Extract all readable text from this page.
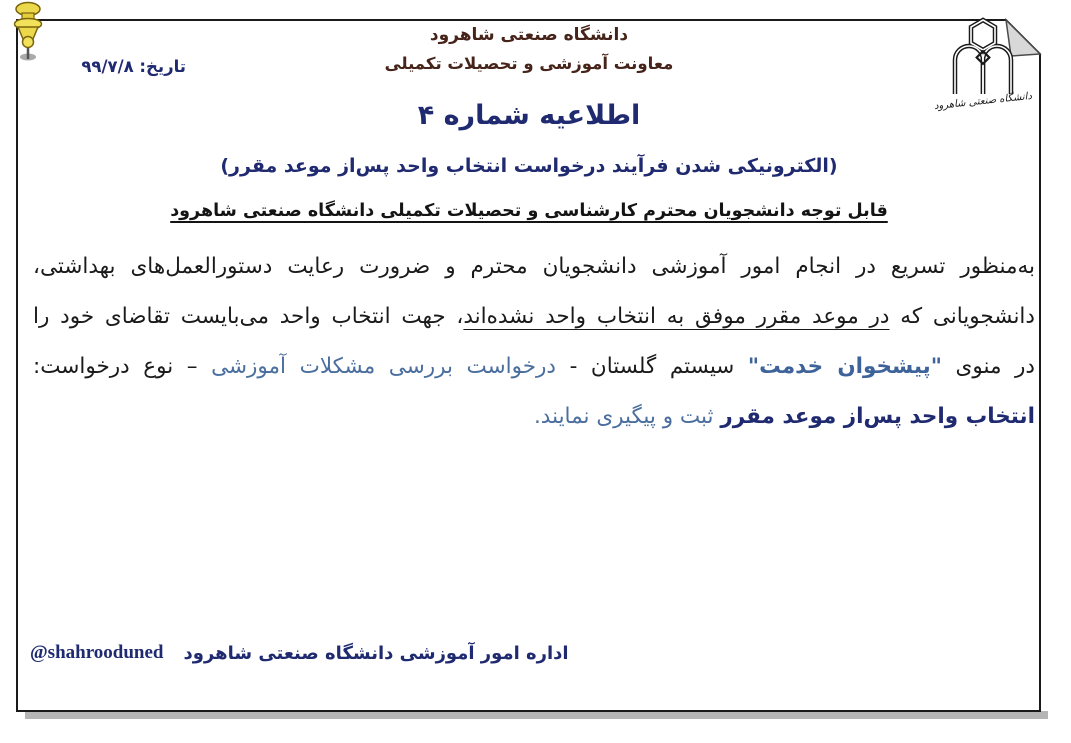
تاریخ: ۹۹/۷/۸
دانشگاه صنعتی شاهرود
معاونت آموزشی و تحصیلات تکمیلی
دانشگاه صنعتی شاهرود
اطلاعیه شماره ۴
(الکترونیکی شدن فرآیند درخواست انتخاب واحد پس‌از موعد مقرر)
قابل توجه دانشجویان محترم کارشناسی و تحصیلات تکمیلی دانشگاه صنعتی شاهرود
به‌منظور تسریع در انجام امور آموزشی دانشجویان محترم و ضرورت رعایت دستورالعمل‌های بهداشتی،
دانشجویانی که در موعد مقرر موفق به انتخاب واحد نشده‌اند، جهت انتخاب واحد می‌بایست تقاضای خود را
در منوی "پیشخوان خدمت" سیستم گلستان - درخواست بررسی مشکلات آموزشی – نوع درخواست:
انتخاب واحد پس‌از موعد مقرر ثبت و پیگیری نمایند.
@shahrooduned اداره امور آموزشی دانشگاه صنعتی شاهرود
